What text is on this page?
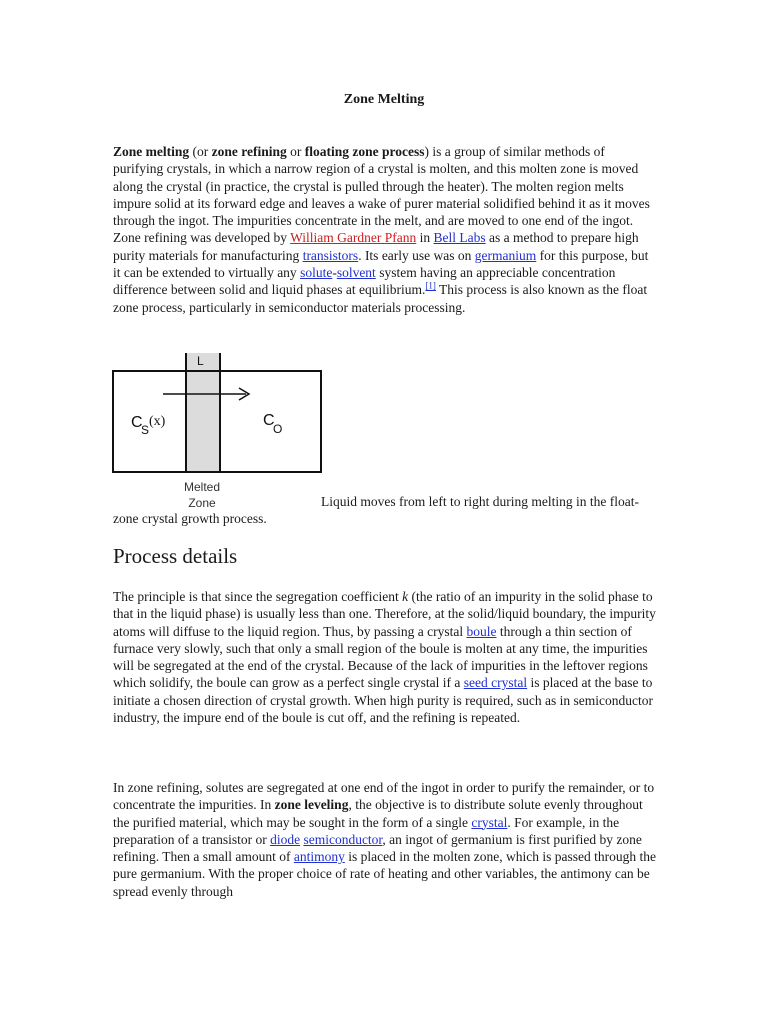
Zone Melting

Zone melting (or zone refining or floating zone process) is a group of similar methods of purifying crystals, in which a narrow region of a crystal is molten, and this molten zone is moved along the crystal (in practice, the crystal is pulled through the heater). The molten region melts impure solid at its forward edge and leaves a wake of purer material solidified behind it as it moves through the ingot. The impurities concentrate in the melt, and are moved to one end of the ingot. Zone refining was developed by William Gardner Pfann in Bell Labs as a method to prepare high purity materials for manufacturing transistors. Its early use was on germanium for this purpose, but it can be extended to virtually any solute-solvent system having an appreciable concentration difference between solid and liquid phases at equilibrium.[1] This process is also known as the float zone process, particularly in semiconductor materials processing.

L
C
S
(x)	C
O
Melted
Zone	Liquid moves from left to right during melting in the float-zone crystal growth process.
Process details

The principle is that since the segregation coefficient k (the ratio of an impurity in the solid phase to that in the liquid phase) is usually less than one. Therefore, at the solid/liquid boundary, the impurity atoms will diffuse to the liquid region. Thus, by passing a crystal boule through a thin section of furnace very slowly, such that only a small region of the boule is molten at any time, the impurities will be segregated at the end of the crystal. Because of the lack of impurities in the leftover regions which solidify, the boule can grow as a perfect single crystal if a seed crystal is placed at the base to initiate a chosen direction of crystal growth. When high purity is required, such as in semiconductor industry, the impure end of the boule is cut off, and the refining is repeated.

In zone refining, solutes are segregated at one end of the ingot in order to purify the remainder, or to concentrate the impurities. In zone leveling, the objective is to distribute solute evenly throughout the purified material, which may be sought in the form of a single crystal. For example, in the preparation of a transistor or diode semiconductor, an ingot of germanium is first purified by zone refining. Then a small amount of antimony is placed in the molten zone, which is passed through the pure germanium. With the proper choice of rate of heating and other variables, the antimony can be spread evenly through
